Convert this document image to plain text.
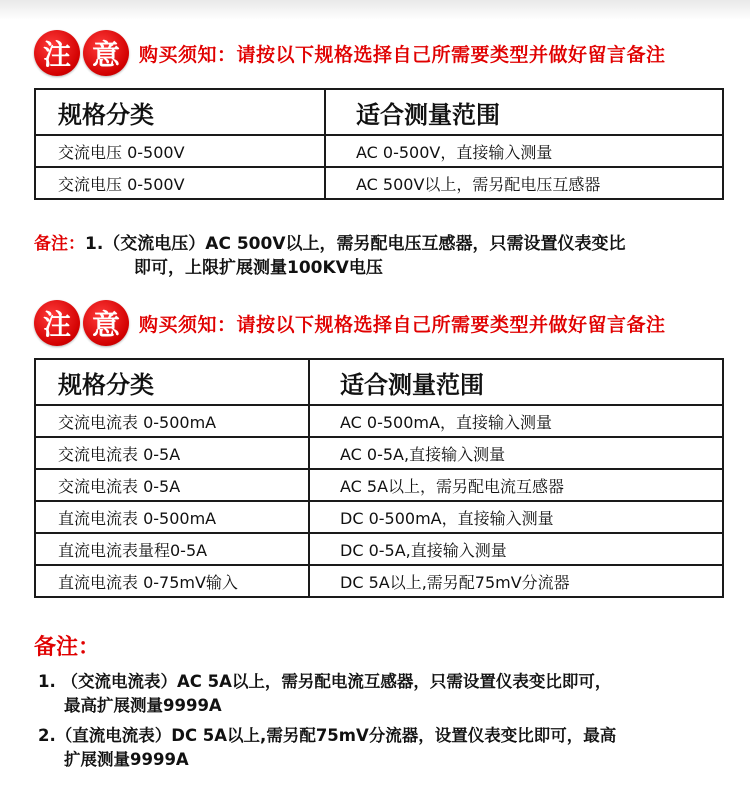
注 意	购买须知：请按以下规格选择自己所需要类型并做好留言备注
规格分类	适合测量范围
交流电压 0-500V	AC 0-500V，直接输入测量
交流电压 0-500V	AC 500V以上，需另配电压互感器
备注：1.（交流电压）AC 500V以上，需另配电压互感器，只需设置仪表变比
即可，上限扩展测量100KV电压
注 意	购买须知：请按以下规格选择自己所需要类型并做好留言备注
规格分类	适合测量范围
交流电流表 0-500mA	AC 0-500mA，直接输入测量
交流电流表 0-5A	AC 0-5A,直接输入测量
交流电流表 0-5A	AC 5A以上，需另配电流互感器
直流电流表 0-500mA	DC 0-500mA，直接输入测量
直流电流表量程0-5A	DC 0-5A,直接输入测量
直流电流表 0-75mV输入	DC 5A以上,需另配75mV分流器
备注：
1. （交流电流表）AC 5A以上，需另配电流互感器，只需设置仪表变比即可，
最高扩展测量9999A
2.（直流电流表）DC 5A以上,需另配75mV分流器，设置仪表变比即可，最高
扩展测量9999A
